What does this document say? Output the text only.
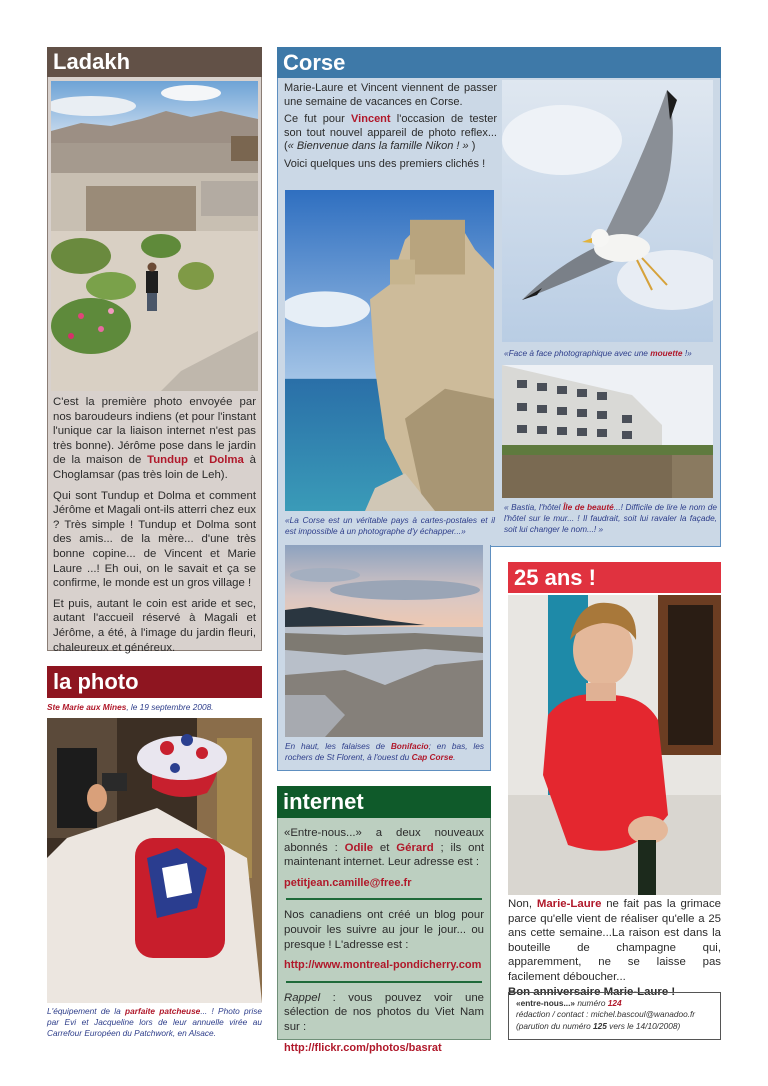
Ladakh

C'est la première photo envoyée par nos baroudeurs indiens (et pour l'instant l'unique car la liaison internet n'est pas très bonne). Jérôme pose dans le jardin de la maison de Tundup et Dolma à Choglamsar (pas très loin de Leh).

Qui sont Tundup et Dolma et comment Jérôme et Magali ont-ils atterri chez eux ? Très simple ! Tundup et Dolma sont des amis... de la mère... d'une très bonne copine... de Vincent et Marie Laure ...! Eh oui, on le savait et ça se confirme, le monde est un gros village !

Et puis, autant le coin est aride et sec, autant l'accueil réservé à Magali et Jérôme, a été, à l'image du jardin fleuri, chaleureux et généreux.

la photo
Ste Marie aux Mines, le 19 septembre 2008.
L'équipement de la parfaite patcheuse... ! Photo prise par Evi et Jacqueline lors de leur annuelle virée au Carrefour Européen du Patchwork, en Alsace.
Corse

Marie-Laure et Vincent viennent de passer une semaine de vacances en Corse.

Ce fut pour Vincent l'occasion de tester son tout nouvel appareil de photo reflex... (« Bienvenue dans la famille Nikon ! » )

Voici quelques uns des premiers clichés !

«La Corse est un véritable pays à cartes-postales et il est impossible à un photographe d'y échapper...»
«Face à face photographique avec une mouette !»
« Bastia, l'hôtel Île de beauté...! Difficile de lire le nom de l'hôtel sur le mur... ! Il faudrait, soit lui ravaler la façade, soit lui changer le nom...! »
En haut, les falaises de Bonifacio; en bas, les rochers de St Florent, à l'ouest du Cap Corse.
internet
«Entre-nous...» a deux nouveaux abonnés : Odile et Gérard ; ils ont maintenant internet. Leur adresse est :
petitjean.camille@free.fr
Nos canadiens ont créé un blog pour pouvoir les suivre au jour le jour... ou presque ! L'adresse est :
http://www.montreal-pondicherry.com
Rappel : vous pouvez voir une sélection de nos photos du Viet Nam sur :
http://flickr.com/photos/basrat
25 ans !
Non, Marie-Laure ne fait pas la grimace parce qu'elle vient de réaliser qu'elle a 25 ans cette semaine...La raison est dans la bouteille de champagne qui, apparemment, ne se laisse pas facilement déboucher...
Bon anniversaire Marie-Laure !
«entre-nous...» numéro 124
rédaction / contact : michel.bascoul@wanadoo.fr
(parution du numéro 125 vers le 14/10/2008)
